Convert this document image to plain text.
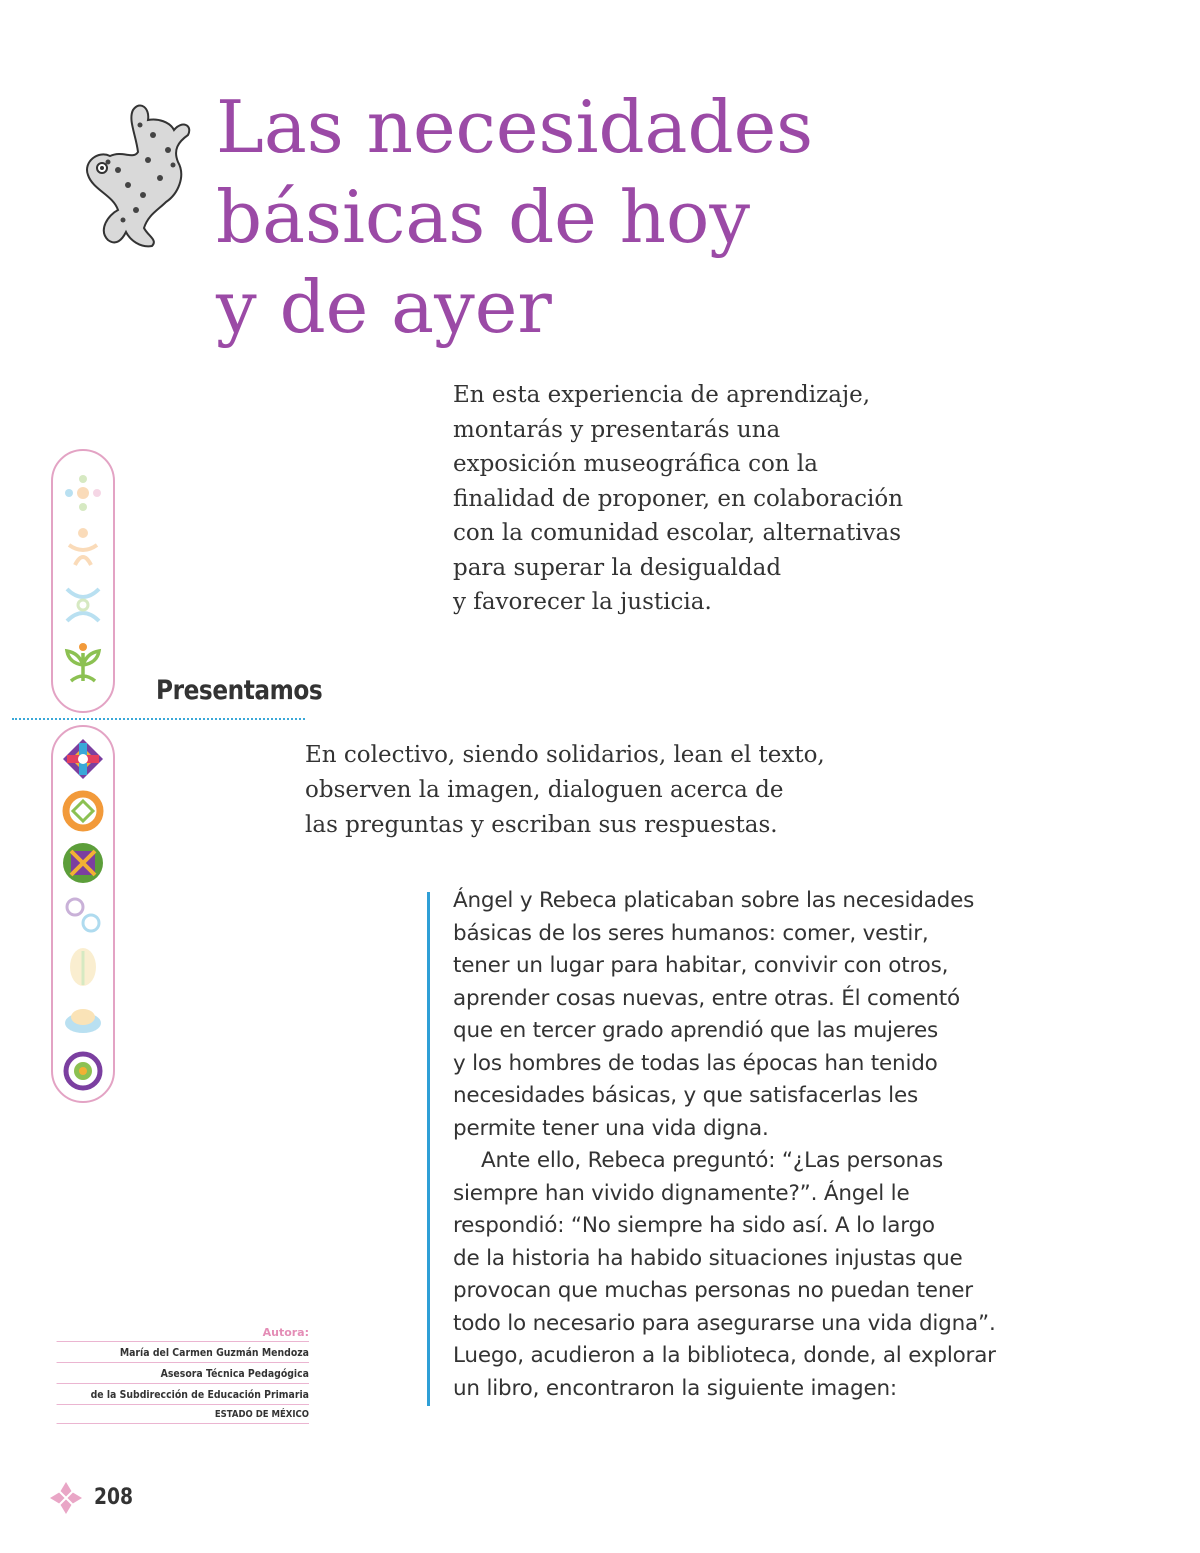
Las necesidades
básicas de hoy
y de ayer

En esta experiencia de aprendizaje,
montarás y presentarás una
exposición museográfica con la
finalidad de proponer, en colaboración
con la comunidad escolar, alternativas
para superar la desigualdad
y favorecer la justicia.

Presentamos

En colectivo, siendo solidarios, lean el texto,
observen la imagen, dialoguen acerca de
las preguntas y escriban sus respuestas.

Ángel y Rebeca platicaban sobre las necesidades
básicas de los seres humanos: comer, vestir,
tener un lugar para habitar, convivir con otros,
aprender cosas nuevas, entre otras. Él comentó
que en tercer grado aprendió que las mujeres
y los hombres de todas las épocas han tenido
necesidades básicas, y que satisfacerlas les
permite tener una vida digna.
Ante ello, Rebeca preguntó: “¿Las personas
siempre han vivido dignamente?”. Ángel le
respondió: “No siempre ha sido así. A lo largo
de la historia ha habido situaciones injustas que
provocan que muchas personas no puedan tener
todo lo necesario para asegurarse una vida digna”.
Luego, acudieron a la biblioteca, donde, al explorar
un libro, encontraron la siguiente imagen:
Autora:
María del Carmen Guzmán Mendoza
Asesora Técnica Pedagógica
de la Subdirección de Educación Primaria
ESTADO DE MÉXICO
208
